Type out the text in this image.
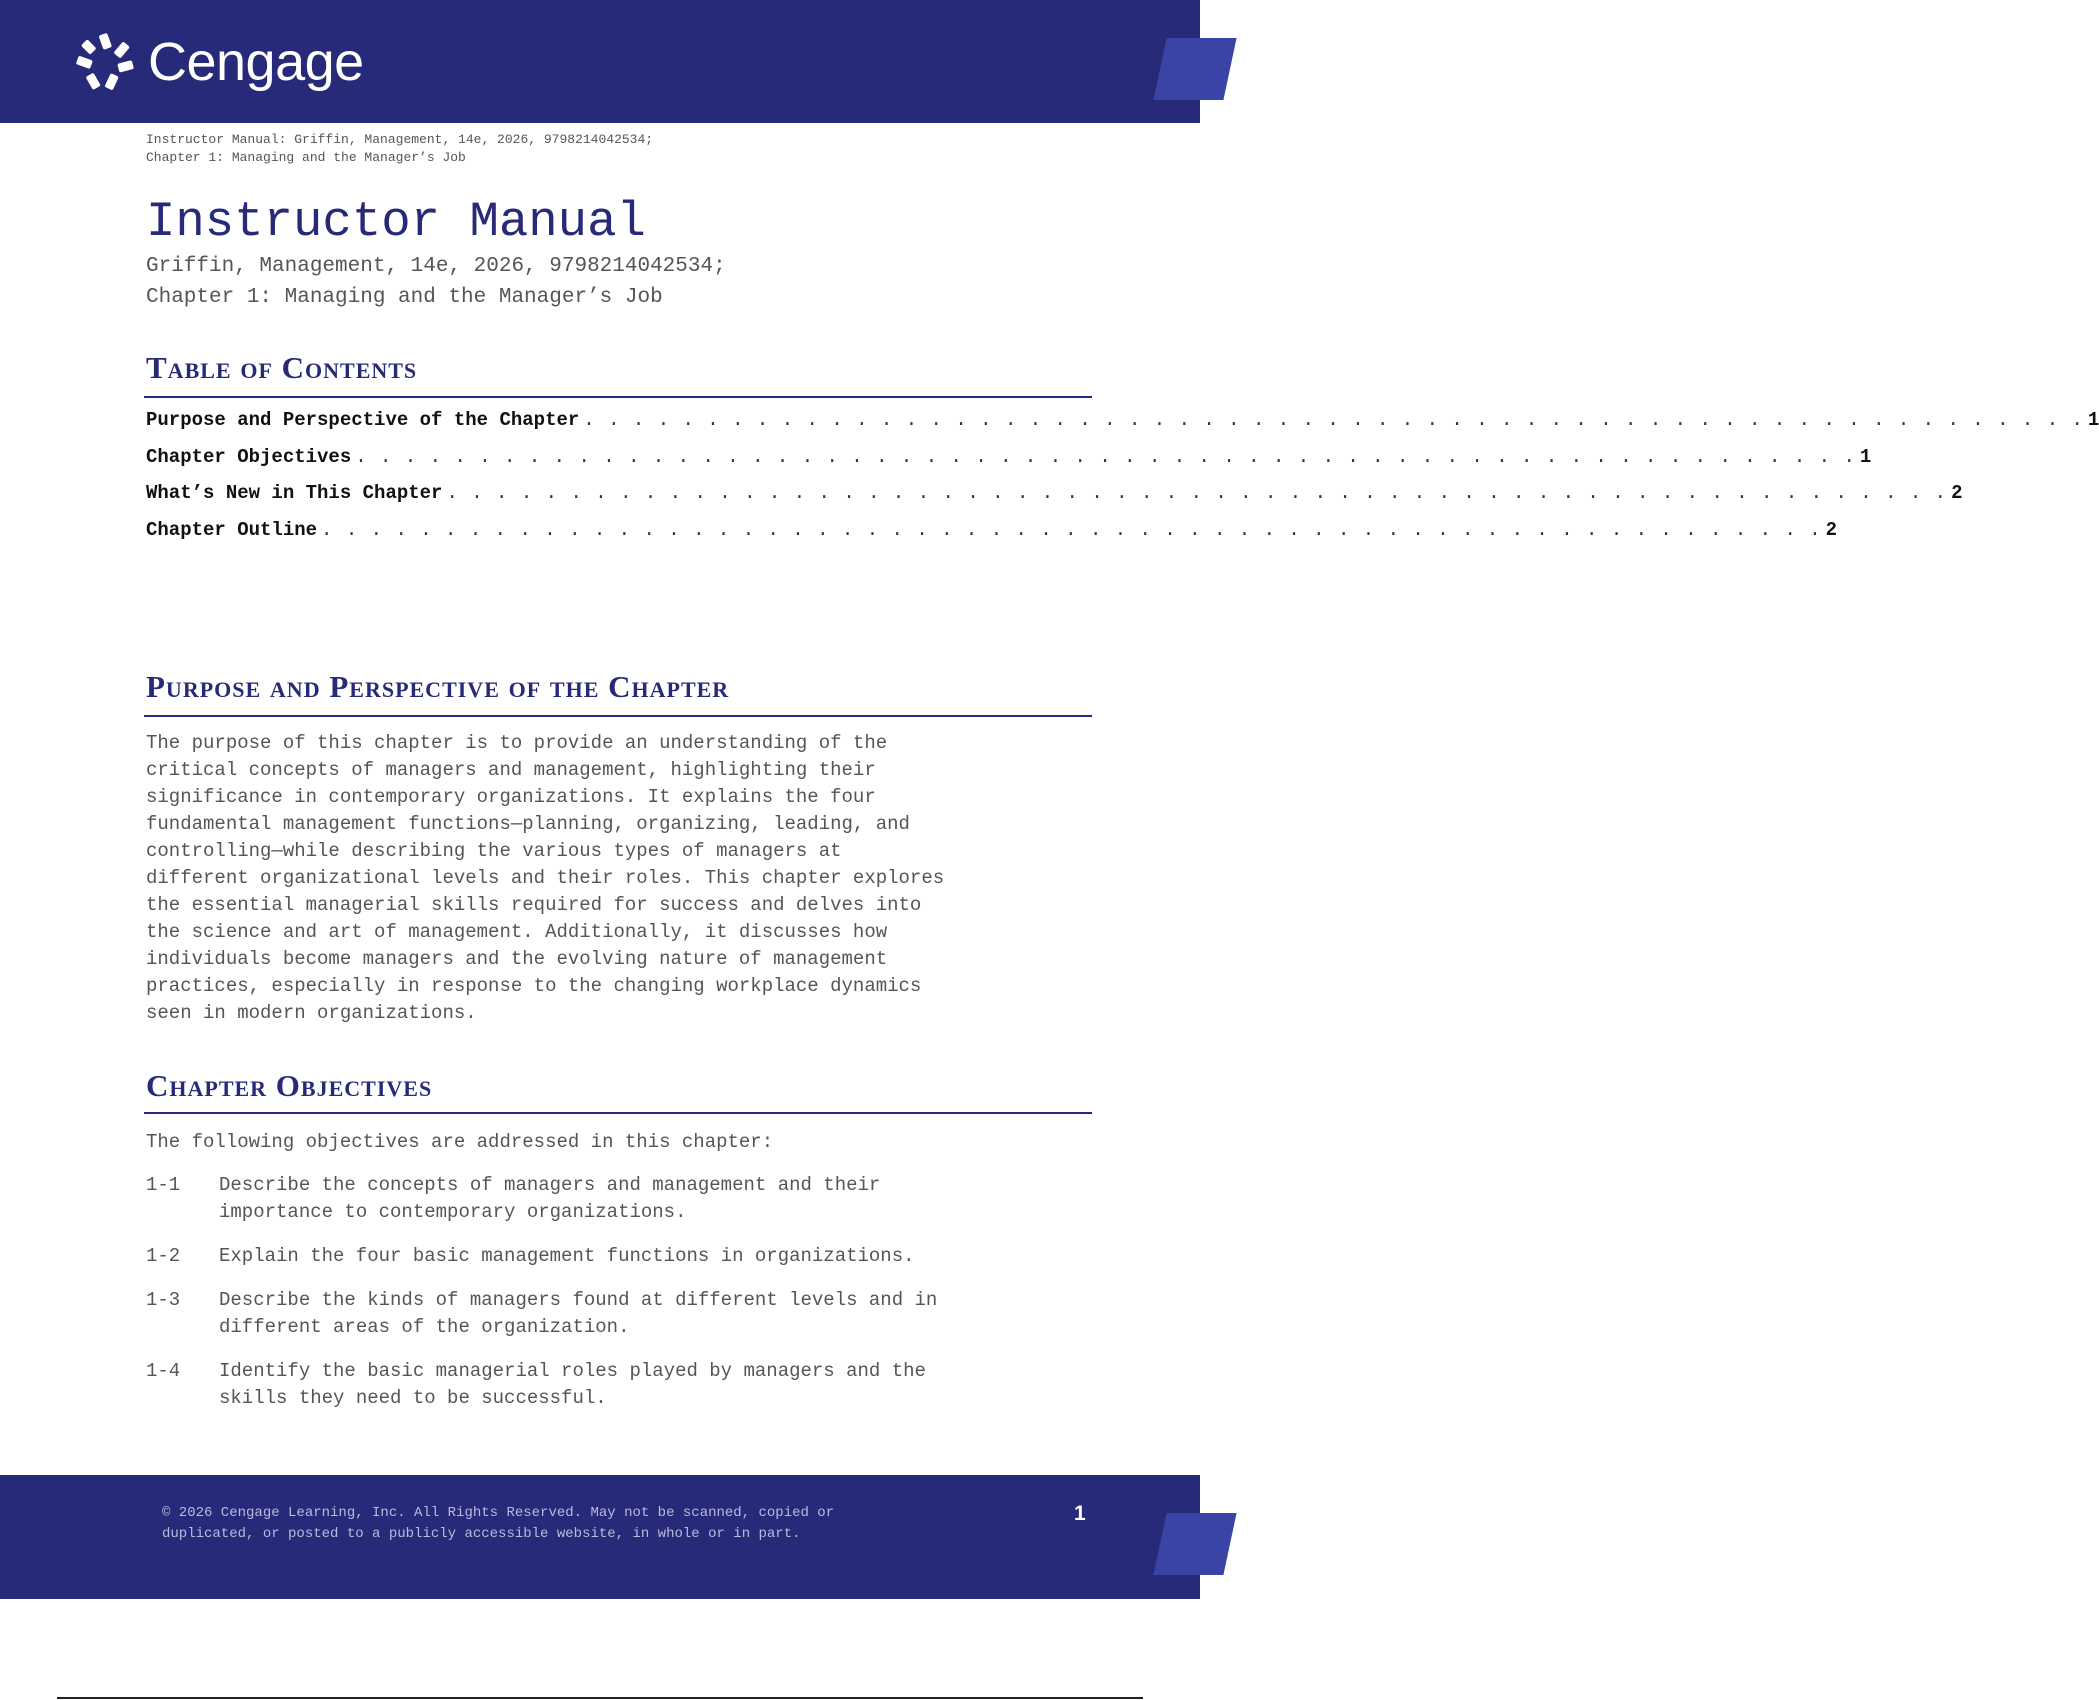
Cengage
Instructor Manual: Griffin, Management, 14e, 2026, 9798214042534;
Chapter 1: Managing and the Manager’s Job
Instructor Manual
Griffin, Management, 14e, 2026, 9798214042534;
Chapter 1: Managing and the Manager’s Job
Table of Contents
Purpose and Perspective of the Chapter . . . . . . . . . . . . . . . . . . . . . . . . . . . . . . . . . . . . . . . . . . . . . . . . . . . . . . . . . . . . . 1
Chapter Objectives . . . . . . . . . . . . . . . . . . . . . . . . . . . . . . . . . . . . . . . . . . . . . . . . . . . . . . . . . . . . . 1
What’s New in This Chapter . . . . . . . . . . . . . . . . . . . . . . . . . . . . . . . . . . . . . . . . . . . . . . . . . . . . . . . . . . . . . 2
Chapter Outline . . . . . . . . . . . . . . . . . . . . . . . . . . . . . . . . . . . . . . . . . . . . . . . . . . . . . . . . . . . . . 2
Purpose and Perspective of the Chapter
The purpose of this chapter is to provide an understanding of the
critical concepts of managers and management, highlighting their
significance in contemporary organizations. It explains the four
fundamental management functions—planning, organizing, leading, and
controlling—while describing the various types of managers at
different organizational levels and their roles. This chapter explores
the essential managerial skills required for success and delves into
the science and art of management. Additionally, it discusses how
individuals become managers and the evolving nature of management
practices, especially in response to the changing workplace dynamics
seen in modern organizations.
Chapter Objectives
The following objectives are addressed in this chapter:
1-1	Describe the concepts of managers and management and their
importance to contemporary organizations.
1-2	Explain the four basic management functions in organizations.
1-3	Describe the kinds of managers found at different levels and in
different areas of the organization.
1-4	Identify the basic managerial roles played by managers and the
skills they need to be successful.
© 2026 Cengage Learning, Inc. All Rights Reserved. May not be scanned, copied or
duplicated, or posted to a publicly accessible website, in whole or in part.
1
